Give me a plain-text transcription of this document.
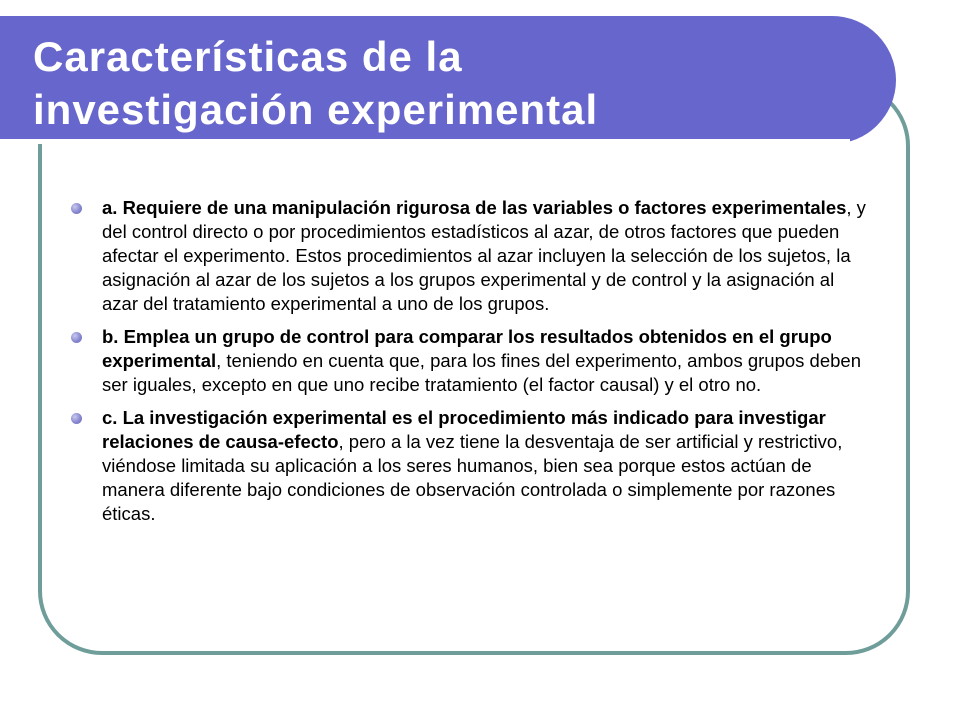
Características de la
investigación experimental
a. Requiere de una manipulación rigurosa de las variables o factores experimentales, y del control directo o por procedimientos estadísticos al azar, de otros factores que pueden afectar el experimento. Estos procedimientos al azar incluyen la selección de los sujetos, la asignación al azar de los sujetos a los grupos experimental y de control y la asignación al azar del tratamiento experimental a uno de los grupos.
b. Emplea un grupo de control para comparar los resultados obtenidos en el grupo experimental, teniendo en cuenta que, para los fines del experimento, ambos grupos deben ser iguales, excepto en que uno recibe tratamiento (el factor causal) y el otro no.
c. La investigación experimental es el procedimiento más indicado para investigar relaciones de causa-efecto, pero a la vez tiene la desventaja de ser artificial y restrictivo, viéndose limitada su aplicación a los seres humanos, bien sea porque estos actúan de manera diferente bajo condiciones de observación controlada o simplemente por razones éticas.
